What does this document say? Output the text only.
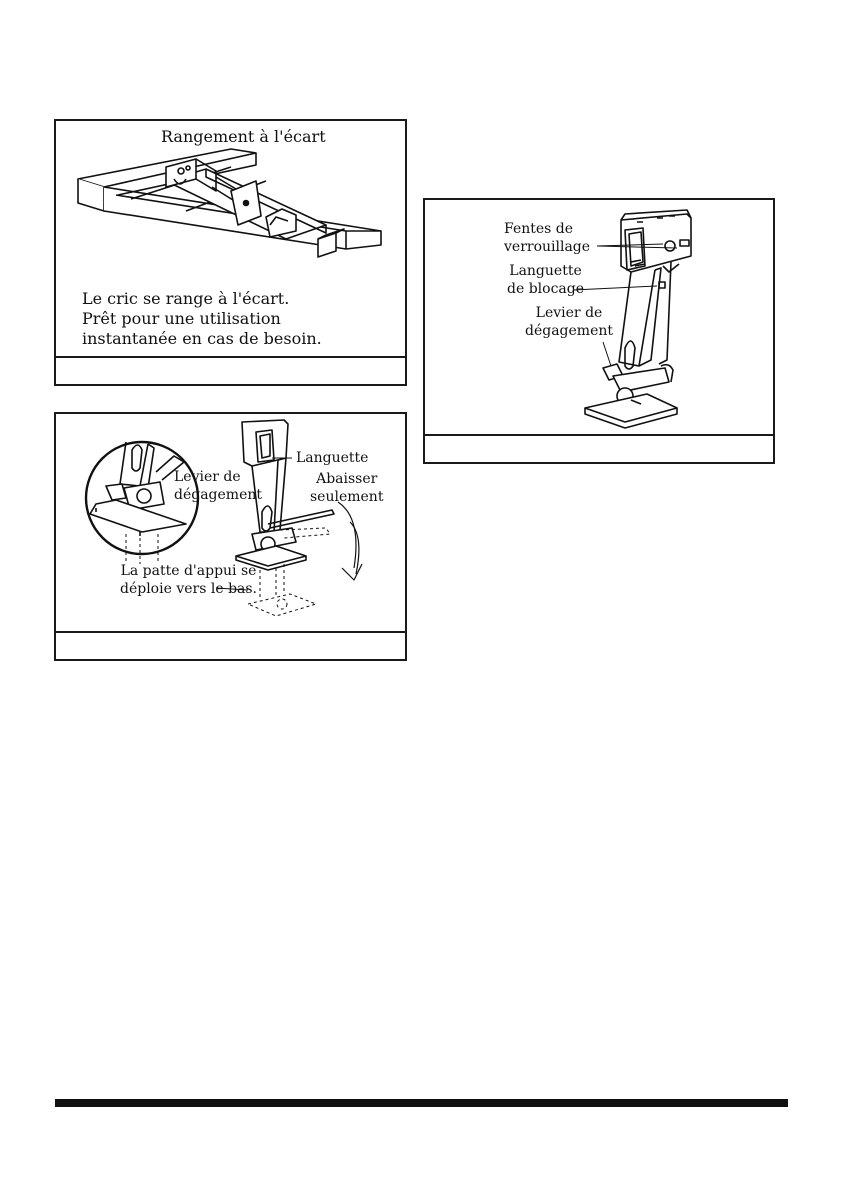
Rangement à l'écart
Le cric se range à l'écart.
Prêt pour une utilisation
instantanée en cas de besoin.
Fentes de
verrouillage
Languette
de blocage
Levier de
dégagement
Levier de
dégagement
Languette
Abaisser
seulement
La patte d'appui se
déploie vers le bas.
